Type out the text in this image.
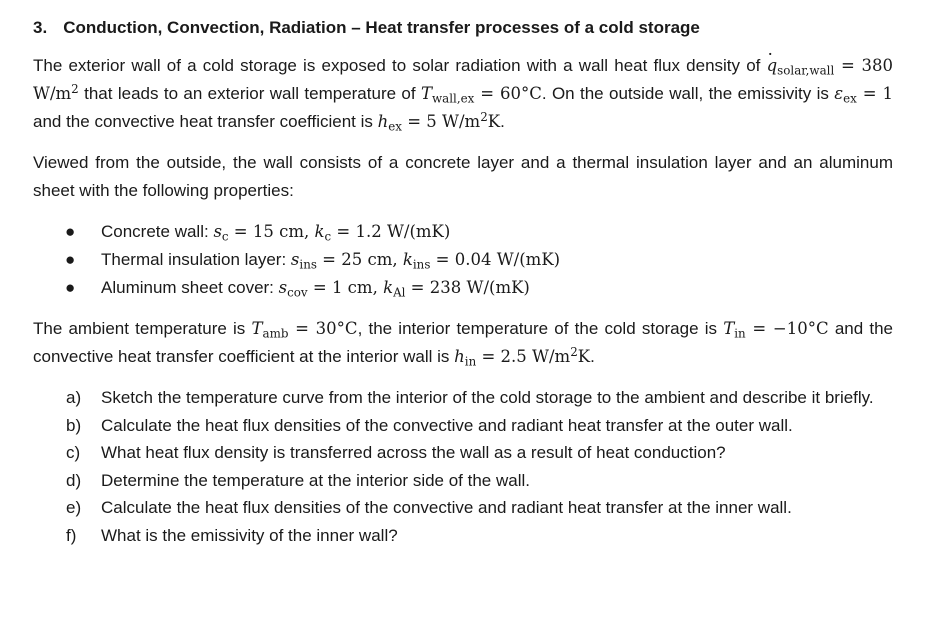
3. Conduction, Convection, Radiation – Heat transfer processes of a cold storage

The exterior wall of a cold storage is exposed to solar radiation with a wall heat flux density of · $q_{solar,wall} = 380$ $W/m^2$ that leads to an exterior wall temperature of $T_{wall,ex} = 60^\circ C$. On the outside wall, the emissivity is $\varepsilon_{ex} = 1$ and the convective heat transfer coefficient is $h_{ex} = 5$ $W/m^2K$.

Viewed from the outside, the wall consists of a concrete layer and a thermal insulation layer and an aluminum sheet with the following properties:

● Concrete wall: $s_c = 15$ cm, $k_c = 1.2$ W/(mK)
● Thermal insulation layer: $s_{ins} = 25$ cm, $k_{ins} = 0.04$ W/(mK)
● Aluminum sheet cover: $s_{cov} = 1$ cm, $k_{Al} = 238$ W/(mK)

The ambient temperature is $T_{amb} = 30^\circ C$, the interior temperature of the cold storage is $T_{in} = -10^\circ C$ and the convective heat transfer coefficient at the interior wall is $h_{in} = 2.5$ $W/m^2K$.

a) Sketch the temperature curve from the interior of the cold storage to the ambient and describe it briefly.
b) Calculate the heat flux densities of the convective and radiant heat transfer at the outer wall.
c) What heat flux density is transferred across the wall as a result of heat conduction?
d) Determine the temperature at the interior side of the wall.
e) Calculate the heat flux densities of the convective and radiant heat transfer at the inner wall.
f) What is the emissivity of the inner wall?
